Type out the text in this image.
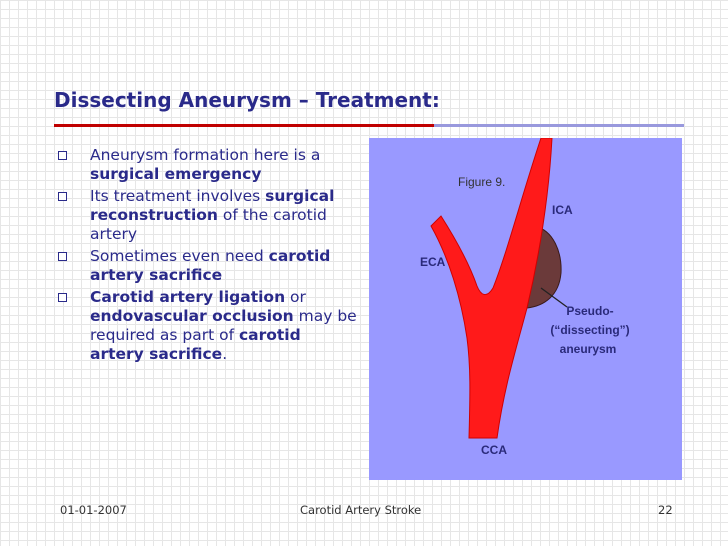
Dissecting Aneurysm – Treatment:
Aneurysm formation here is a surgical emergency
Its treatment involves surgical reconstruction of the carotid artery
Sometimes even need carotid artery sacrifice
Carotid artery ligation or endovascular occlusion may be required as part of carotid artery sacrifice.
Figure 9.
ICA
ECA
CCA
Pseudo-
(“dissecting”)
aneurysm
01-01-2007	Carotid Artery Stroke	22
